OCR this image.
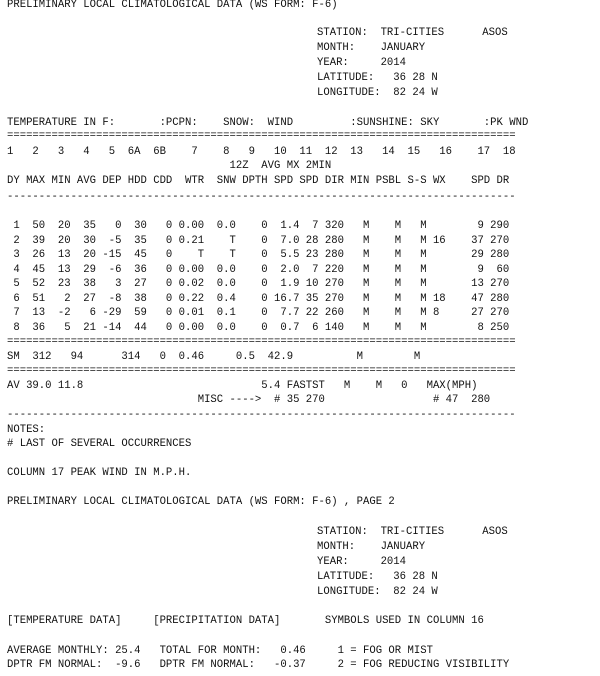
PRELIMINARY LOCAL CLIMATOLOGICAL DATA (WS FORM: F-6)
STATION:  TRI-CITIES      ASOS
MONTH:    JANUARY
YEAR:     2014
LATITUDE:   36 28 N
LONGITUDE:  82 24 W
TEMPERATURE IN F:       :PCPN:    SNOW:  WIND         :SUNSHINE: SKY       :PK WND
================================================================================
1   2   3   4   5  6A  6B    7    8   9   10  11  12  13   14  15   16    17  18
12Z  AVG MX 2MIN
DY MAX MIN AVG DEP HDD CDD  WTR  SNW DPTH SPD SPD DIR MIN PSBL S-S WX    SPD DR
--------------------------------------------------------------------------------
1  50  20  35   0  30   0 0.00  0.0    0  1.4  7 320   M    M   M        9 290
2  39  20  30  -5  35   0 0.21    T    0  7.0 28 280   M    M   M 16    37 270
3  26  13  20 -15  45   0    T    T    0  5.5 23 280   M    M   M       29 280
4  45  13  29  -6  36   0 0.00  0.0    0  2.0  7 220   M    M   M        9  60
5  52  23  38   3  27   0 0.02  0.0    0  1.9 10 270   M    M   M       13 270
6  51   2  27  -8  38   0 0.22  0.4    0 16.7 35 270   M    M   M 18    47 280
7  13  -2   6 -29  59   0 0.01  0.1    0  7.7 22 260   M    M   M 8     27 270
8  36   5  21 -14  44   0 0.00  0.0    0  0.7  6 140   M    M   M        8 250
================================================================================
SM  312   94      314   0  0.46     0.5  42.9          M        M
================================================================================
AV 39.0 11.8                            5.4 FASTST   M    M   0   MAX(MPH)
MISC ---->  # 35 270                 # 47  280
--------------------------------------------------------------------------------
NOTES:
# LAST OF SEVERAL OCCURRENCES
COLUMN 17 PEAK WIND IN M.P.H.
PRELIMINARY LOCAL CLIMATOLOGICAL DATA (WS FORM: F-6) , PAGE 2
STATION:  TRI-CITIES      ASOS
MONTH:    JANUARY
YEAR:     2014
LATITUDE:   36 28 N
LONGITUDE:  82 24 W
[TEMPERATURE DATA]     [PRECIPITATION DATA]       SYMBOLS USED IN COLUMN 16
AVERAGE MONTHLY: 25.4   TOTAL FOR MONTH:   0.46     1 = FOG OR MIST
DPTR FM NORMAL:  -9.6   DPTR FM NORMAL:   -0.37     2 = FOG REDUCING VISIBILITY
